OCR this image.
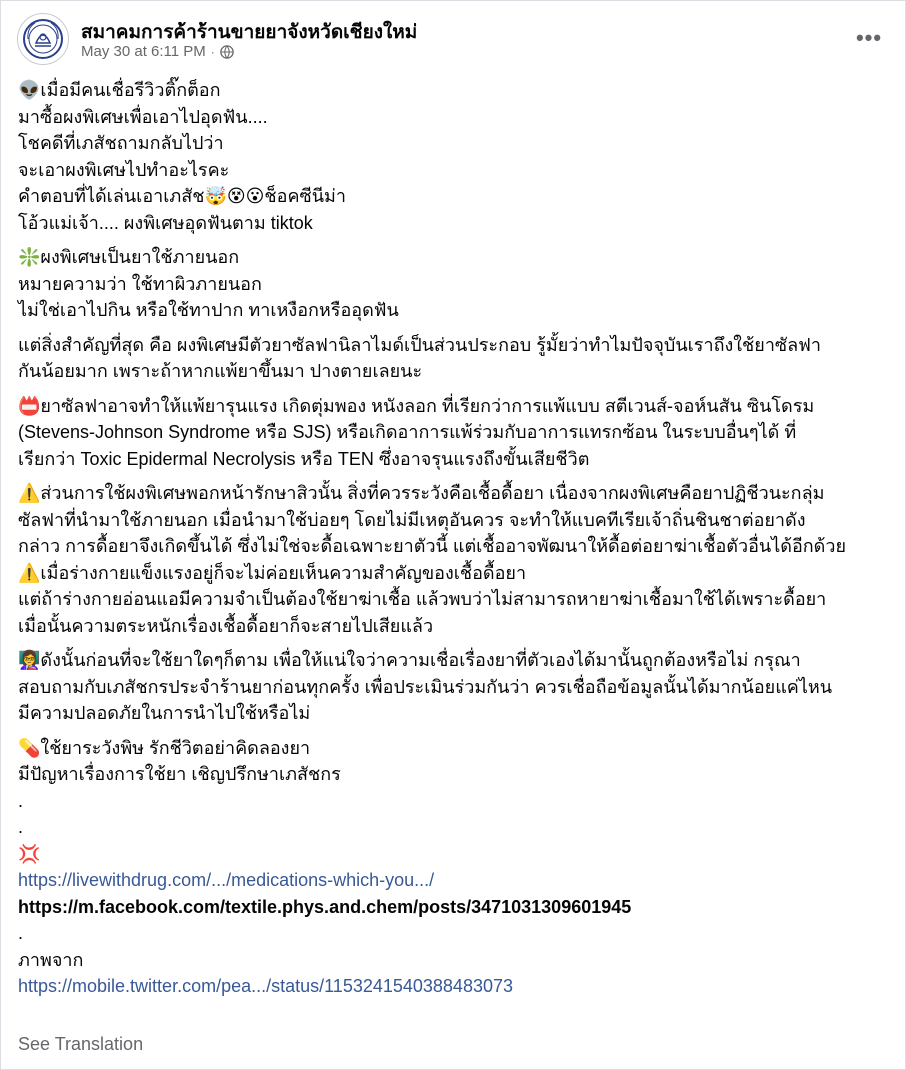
สมาคมการค้าร้านขายยาจังหวัดเชียงใหม่
May 30 at 6:11 PM ·
•••
👽เมื่อมีคนเชื่อรีวิวติ๊กต็อก
มาซื้อผงพิเศษเพื่อเอาไปอุดฟัน....
โชคดีที่เภสัชถามกลับไปว่า
จะเอาผงพิเศษไปทำอะไรคะ
คำตอบที่ได้เล่นเอาเภสัช🤯😵😮ช็อคซีนีม่า
โอ้วแม่เจ้า.... ผงพิเศษอุดฟันตาม tiktok
❇️ผงพิเศษเป็นยาใช้ภายนอก
หมายความว่า ใช้ทาผิวภายนอก
ไม่ใช่เอาไปกิน หรือใช้ทาปาก ทาเหงือกหรืออุดฟัน
แต่สิ่งสำคัญที่สุด คือ ผงพิเศษมีตัวยาซัลฟานิลาไมด์เป็นส่วนประกอบ รู้มั้ยว่าทำไมปัจจุบันเราถึงใช้ยาซัลฟา
กันน้อยมาก เพราะถ้าหากแพ้ยาขึ้นมา ปางตายเลยนะ
📛ยาซัลฟาอาจทำให้แพ้ยารุนแรง เกิดตุ่มพอง หนังลอก ที่เรียกว่าการแพ้แบบ สตีเวนส์-จอห์นสัน ซินโดรม
(Stevens-Johnson Syndrome หรือ SJS) หรือเกิดอาการแพ้ร่วมกับอาการแทรกซ้อน ในระบบอื่นๆได้ ที่
เรียกว่า Toxic Epidermal Necrolysis หรือ TEN ซึ่งอาจรุนแรงถึงขั้นเสียชีวิต
⚠️ส่วนการใช้ผงพิเศษพอกหน้ารักษาสิวนั้น สิ่งที่ควรระวังคือเชื้อดื้อยา เนื่องจากผงพิเศษคือยาปฏิชีวนะกลุ่ม
ซัลฟาที่นำมาใช้ภายนอก เมื่อนำมาใช้บ่อยๆ โดยไม่มีเหตุอันควร จะทำให้แบคทีเรียเจ้าถิ่นชินชาต่อยาดัง
กล่าว การดื้อยาจึงเกิดขึ้นได้ ซึ่งไม่ใช่จะดื้อเฉพาะยาตัวนี้ แต่เชื้ออาจพัฒนาให้ดื้อต่อยาฆ่าเชื้อตัวอื่นได้อีกด้วย
⚠️เมื่อร่างกายแข็งแรงอยู่ก็จะไม่ค่อยเห็นความสำคัญของเชื้อดื้อยา
แต่ถ้าร่างกายอ่อนแอมีความจำเป็นต้องใช้ยาฆ่าเชื้อ แล้วพบว่าไม่สามารถหายาฆ่าเชื้อมาใช้ได้เพราะดื้อยา
เมื่อนั้นความตระหนักเรื่องเชื้อดื้อยาก็จะสายไปเสียแล้ว
👩‍🏫ดังนั้นก่อนที่จะใช้ยาใดๆก็ตาม เพื่อให้แน่ใจว่าความเชื่อเรื่องยาที่ตัวเองได้มานั้นถูกต้องหรือไม่ กรุณา
สอบถามกับเภสัชกรประจำร้านยาก่อนทุกครั้ง เพื่อประเมินร่วมกันว่า ควรเชื่อถือข้อมูลนั้นได้มากน้อยแค่ไหน
มีความปลอดภัยในการนำไปใช้หรือไม่
💊ใช้ยาระวังพิษ รักชีวิตอย่าคิดลองยา
มีปัญหาเรื่องการใช้ยา เชิญปรึกษาเภสัชกร
.
.
💢
https://livewithdrug.com/.../medications-which-you.../
https://m.facebook.com/textile.phys.and.chem/posts/3471031309601945
.
ภาพจาก
https://mobile.twitter.com/pea.../status/1153241540388483073
See Translation
